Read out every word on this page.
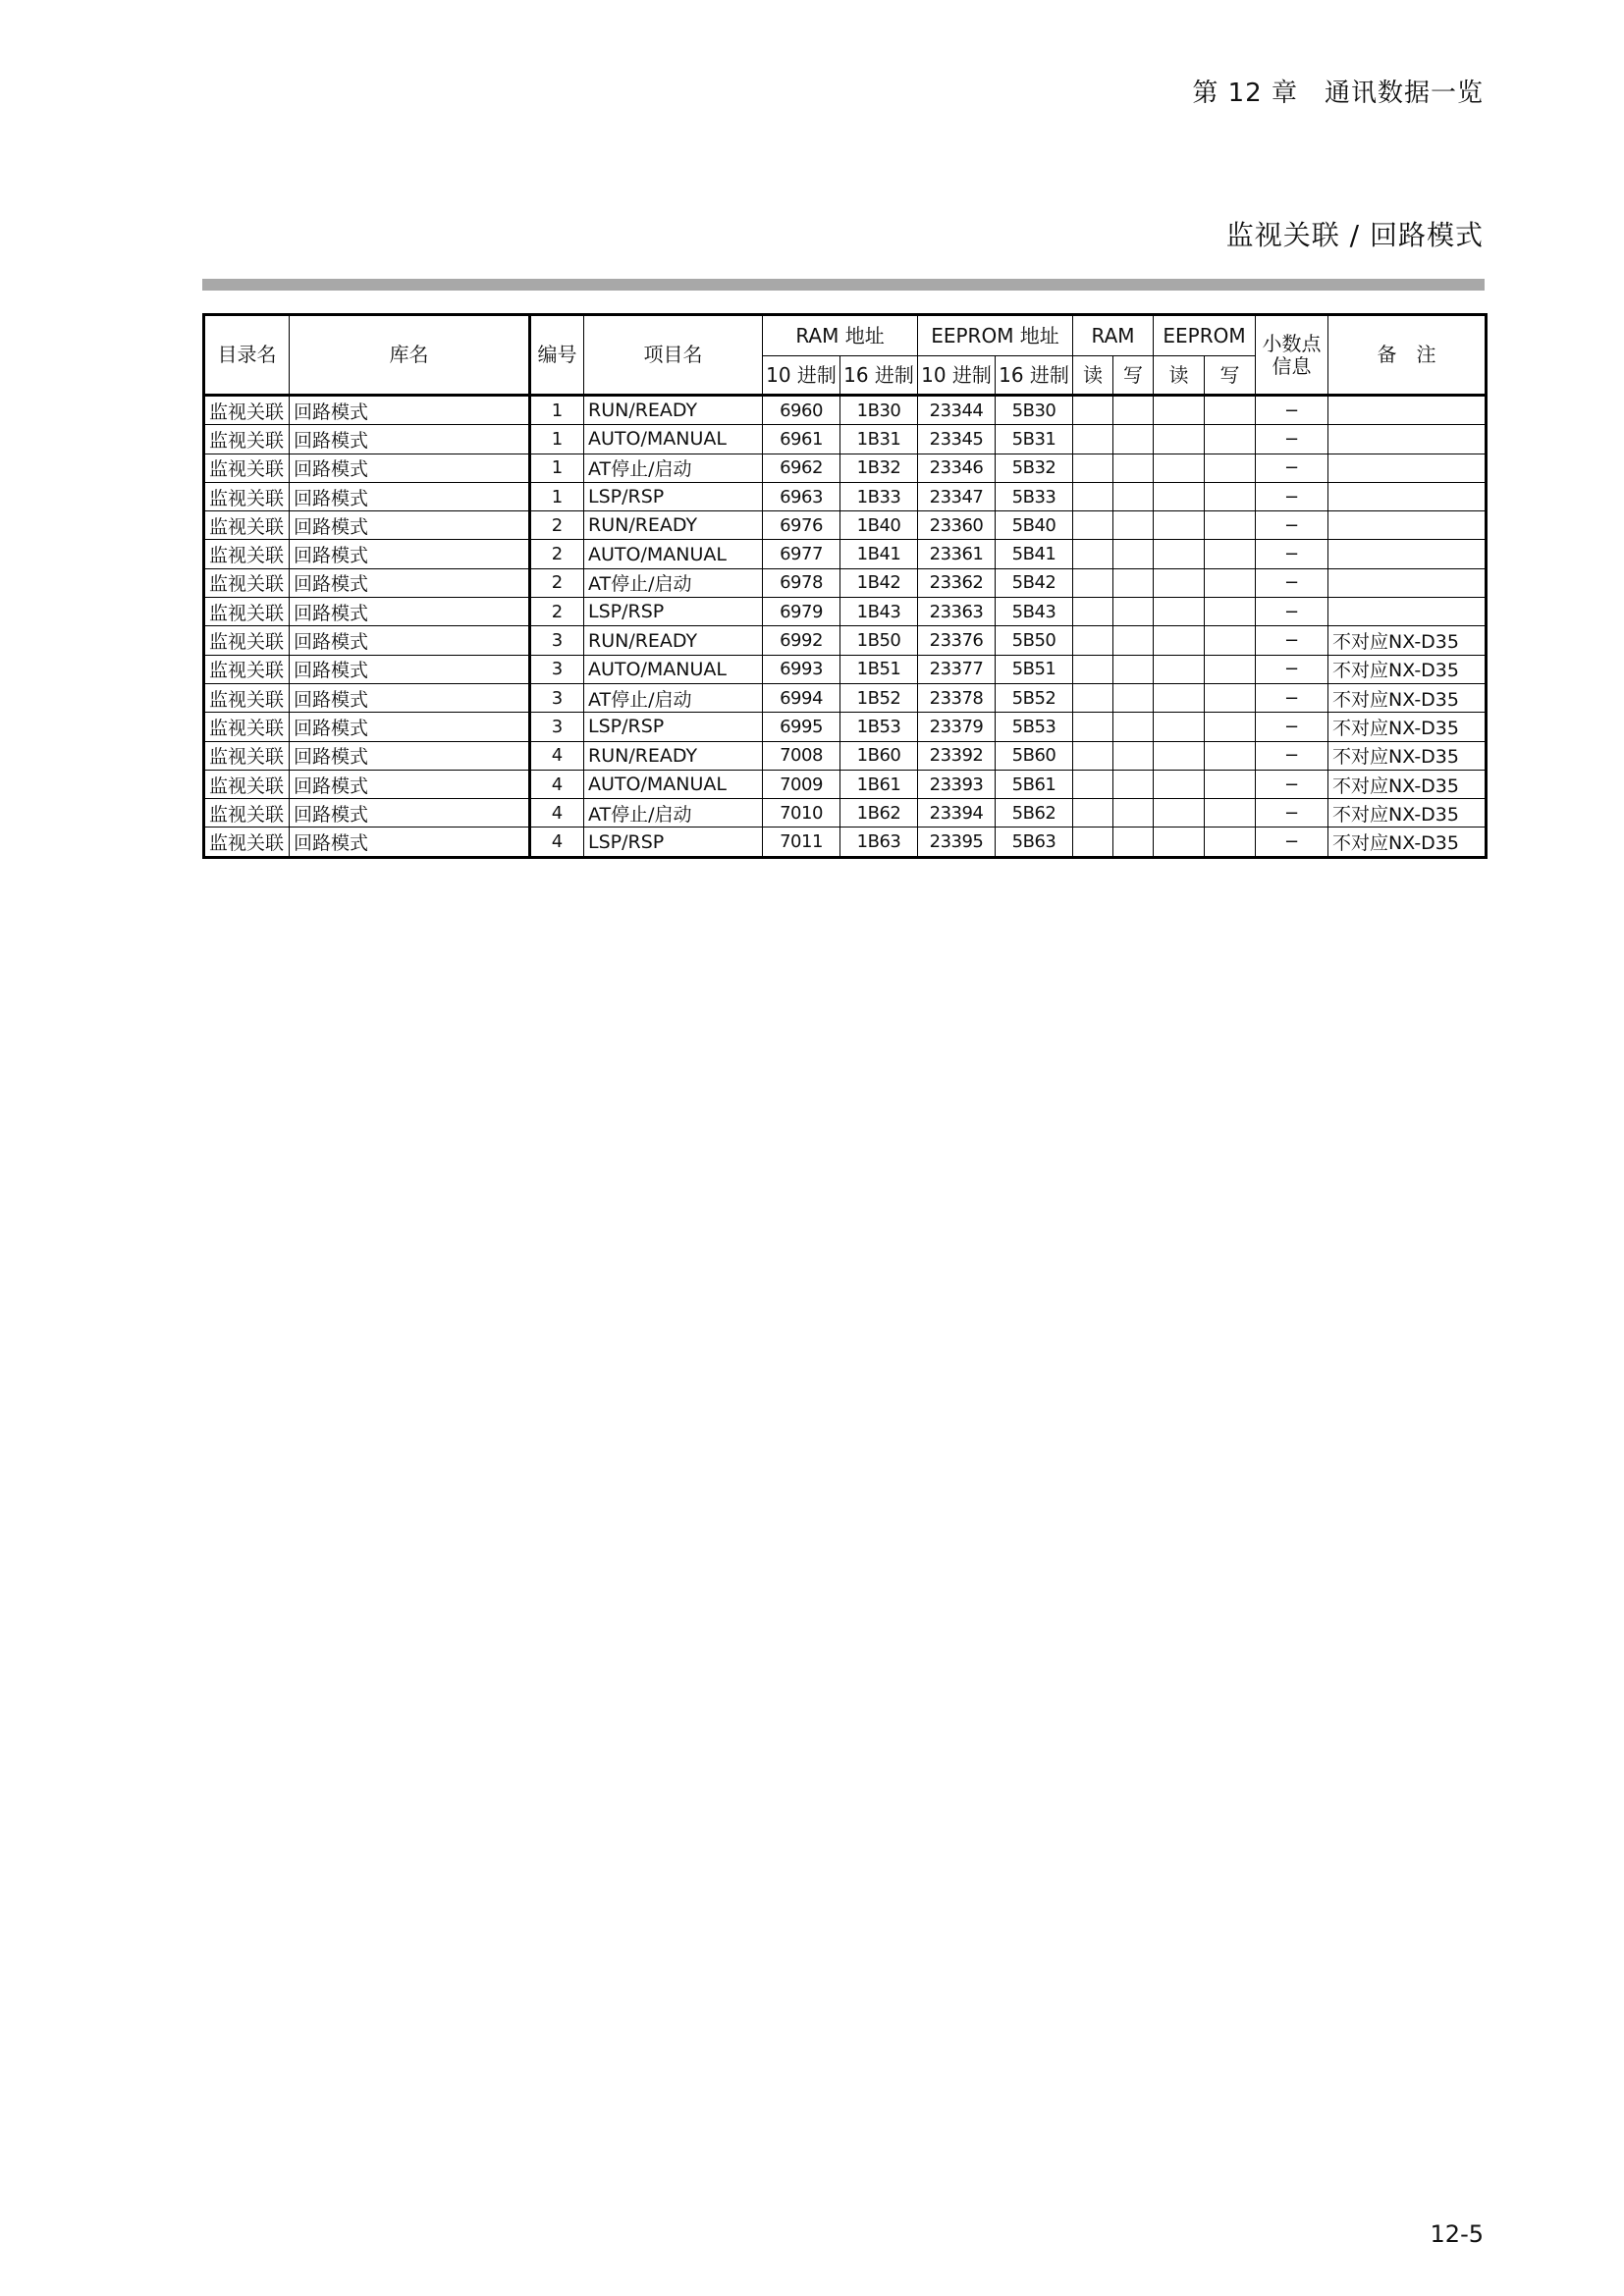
第 12 章　通讯数据一览
监视关联 / 回路模式
目录名	库名	编号	项目名	RAM 地址		EEPROM 地址		RAM		EEPROM		小数点
信息	备　注
				10 进制	16 进制	10 进制	16 进制	读	写	读	写		
监视关联	回路模式	1	RUN/READY	6960	1B30	23344	5B30					−	
监视关联	回路模式	1	AUTO/MANUAL	6961	1B31	23345	5B31					−	
监视关联	回路模式	1	AT停止/启动	6962	1B32	23346	5B32					−	
监视关联	回路模式	1	LSP/RSP	6963	1B33	23347	5B33					−	
监视关联	回路模式	2	RUN/READY	6976	1B40	23360	5B40					−	
监视关联	回路模式	2	AUTO/MANUAL	6977	1B41	23361	5B41					−	
监视关联	回路模式	2	AT停止/启动	6978	1B42	23362	5B42					−	
监视关联	回路模式	2	LSP/RSP	6979	1B43	23363	5B43					−	
监视关联	回路模式	3	RUN/READY	6992	1B50	23376	5B50					−	不对应NX-D35
监视关联	回路模式	3	AUTO/MANUAL	6993	1B51	23377	5B51					−	不对应NX-D35
监视关联	回路模式	3	AT停止/启动	6994	1B52	23378	5B52					−	不对应NX-D35
监视关联	回路模式	3	LSP/RSP	6995	1B53	23379	5B53					−	不对应NX-D35
监视关联	回路模式	4	RUN/READY	7008	1B60	23392	5B60					−	不对应NX-D35
监视关联	回路模式	4	AUTO/MANUAL	7009	1B61	23393	5B61					−	不对应NX-D35
监视关联	回路模式	4	AT停止/启动	7010	1B62	23394	5B62					−	不对应NX-D35
监视关联	回路模式	4	LSP/RSP	7011	1B63	23395	5B63					−	不对应NX-D35
12-5
